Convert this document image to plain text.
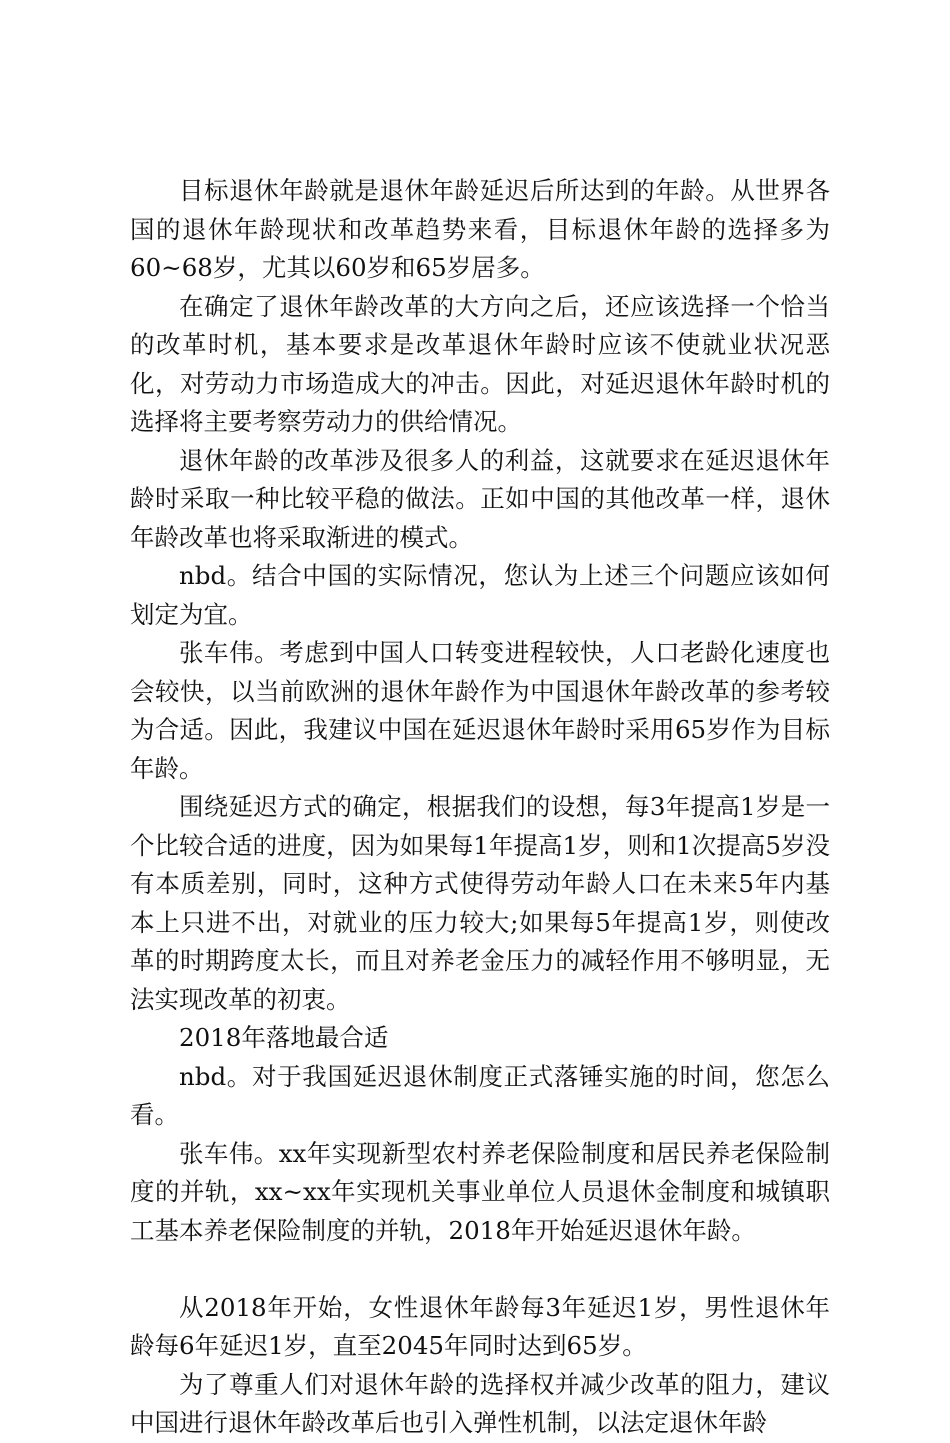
目标退休年龄就是退休年龄延迟后所达到的年龄。从世界各国的退休年龄现状和改革趋势来看，目标退休年龄的选择多为60~68岁，尤其以60岁和65岁居多。

在确定了退休年龄改革的大方向之后，还应该选择一个恰当的改革时机，基本要求是改革退休年龄时应该不使就业状况恶化，对劳动力市场造成大的冲击。因此，对延迟退休年龄时机的选择将主要考察劳动力的供给情况。

退休年龄的改革涉及很多人的利益，这就要求在延迟退休年龄时采取一种比较平稳的做法。正如中国的其他改革一样，退休年龄改革也将采取渐进的模式。

nbd。结合中国的实际情况，您认为上述三个问题应该如何划定为宜。

张车伟。考虑到中国人口转变进程较快，人口老龄化速度也会较快，以当前欧洲的退休年龄作为中国退休年龄改革的参考较为合适。因此，我建议中国在延迟退休年龄时采用65岁作为目标年龄。

围绕延迟方式的确定，根据我们的设想，每3年提高1岁是一个比较合适的进度，因为如果每1年提高1岁，则和1次提高5岁没有本质差别，同时，这种方式使得劳动年龄人口在未来5年内基本上只进不出，对就业的压力较大;如果每5年提高1岁，则使改革的时期跨度太长，而且对养老金压力的减轻作用不够明显，无法实现改革的初衷。

2018年落地最合适

nbd。对于我国延迟退休制度正式落锤实施的时间，您怎么看。

张车伟。xx年实现新型农村养老保险制度和居民养老保险制度的并轨，xx~xx年实现机关事业单位人员退休金制度和城镇职工基本养老保险制度的并轨，2018年开始延迟退休年龄。

从2018年开始，女性退休年龄每3年延迟1岁，男性退休年龄每6年延迟1岁，直至2045年同时达到65岁。

为了尊重人们对退休年龄的选择权并减少改革的阻力，建议中国进行退休年龄改革后也引入弹性机制，以法定退休年龄
